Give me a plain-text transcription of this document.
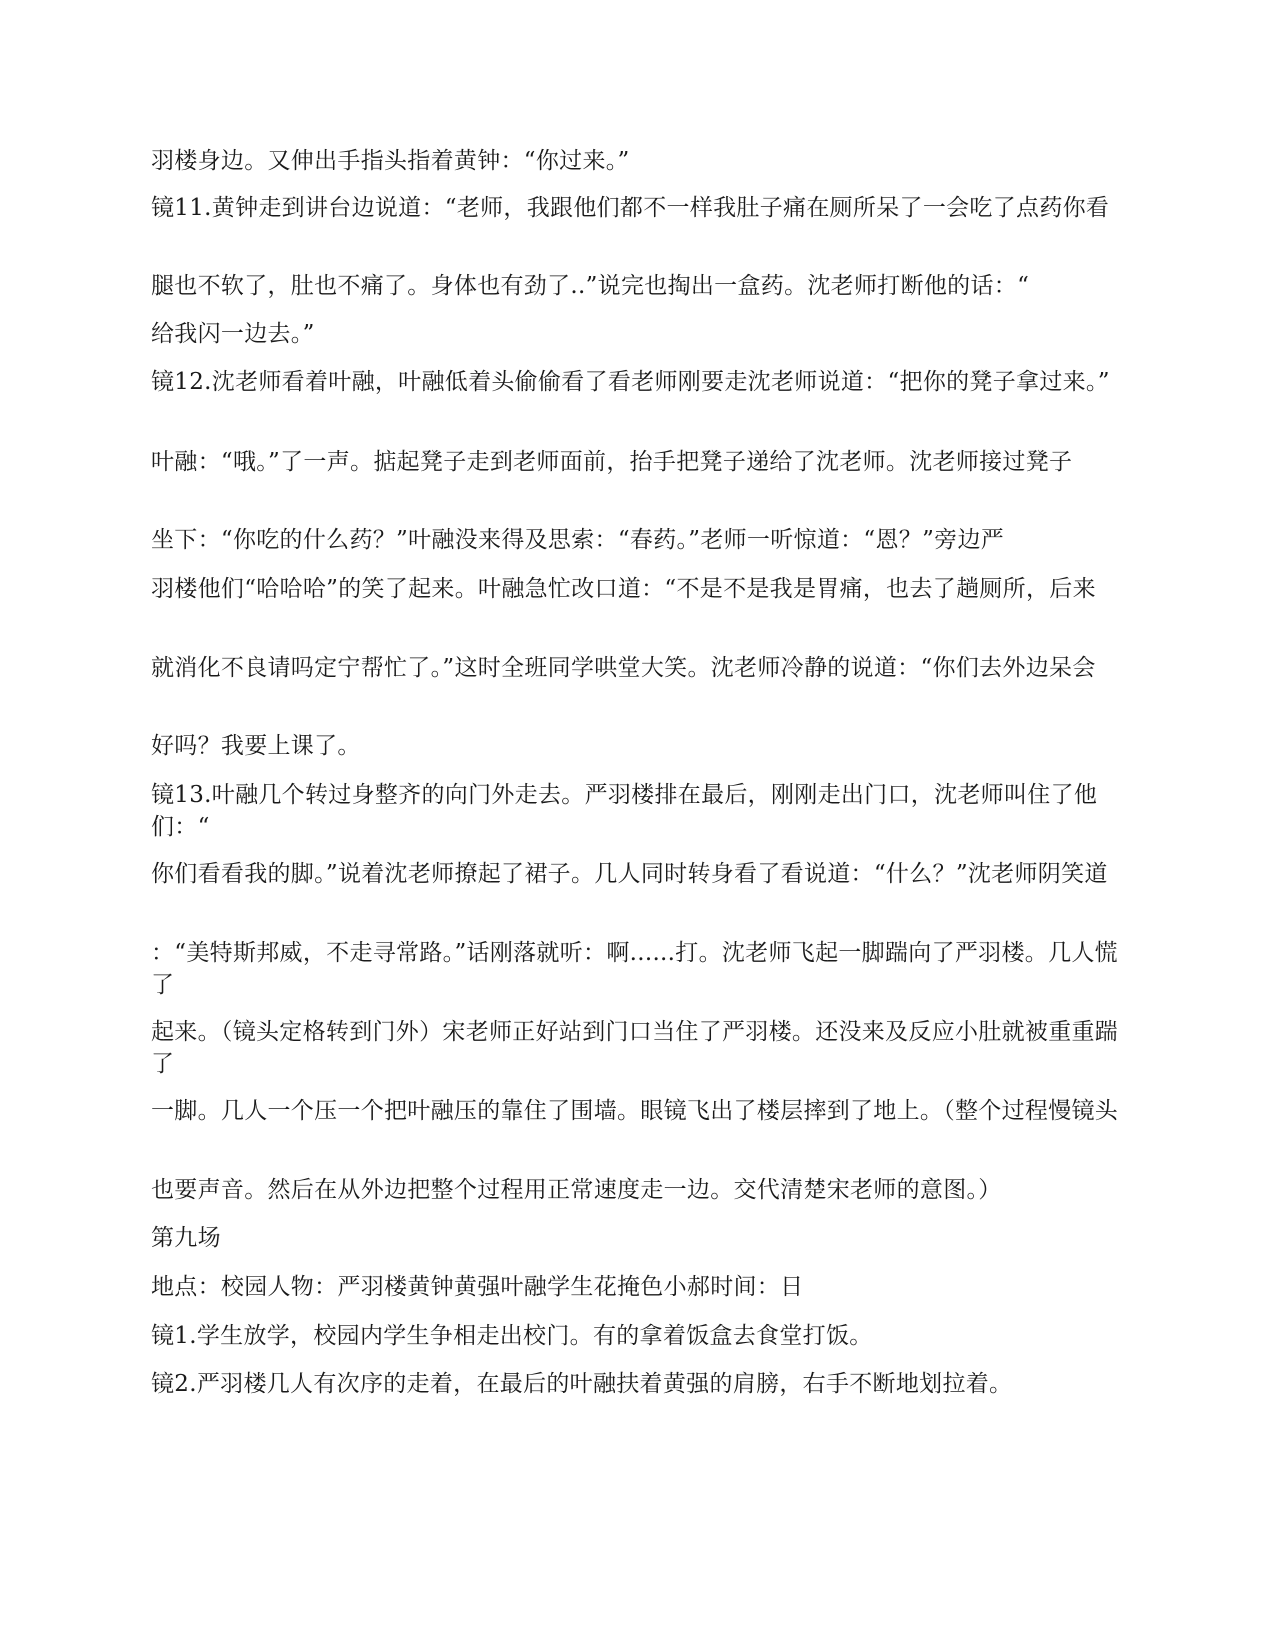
羽楼身边。又伸出手指头指着黄钟：“你过来。”
镜11.黄钟走到讲台边说道：“老师，我跟他们都不一样我肚子痛在厕所呆了一会吃了点药你看
腿也不软了，肚也不痛了。身体也有劲了..”说完也掏出一盒药。沈老师打断他的话：“
给我闪一边去。”
镜12.沈老师看着叶融，叶融低着头偷偷看了看老师刚要走沈老师说道：“把你的凳子拿过来。”
叶融：“哦。”了一声。掂起凳子走到老师面前，抬手把凳子递给了沈老师。沈老师接过凳子
坐下：“你吃的什么药？”叶融没来得及思索：“春药。”老师一听惊道：“恩？”旁边严
羽楼他们“哈哈哈”的笑了起来。叶融急忙改口道：“不是不是我是胃痛，也去了趟厕所，后来
就消化不良请吗定宁帮忙了。”这时全班同学哄堂大笑。沈老师冷静的说道：“你们去外边呆会
好吗？我要上课了。
镜13.叶融几个转过身整齐的向门外走去。严羽楼排在最后，刚刚走出门口，沈老师叫住了他们：“
你们看看我的脚。”说着沈老师撩起了裙子。几人同时转身看了看说道：“什么？”沈老师阴笑道
：“美特斯邦威，不走寻常路。”话刚落就听：啊......打。沈老师飞起一脚踹向了严羽楼。几人慌了
起来。（镜头定格转到门外）宋老师正好站到门口当住了严羽楼。还没来及反应小肚就被重重踹了
一脚。几人一个压一个把叶融压的靠住了围墙。眼镜飞出了楼层摔到了地上。（整个过程慢镜头
也要声音。然后在从外边把整个过程用正常速度走一边。交代清楚宋老师的意图。）
第九场
地点：校园人物：严羽楼黄钟黄强叶融学生花掩色小郝时间：日
镜1.学生放学，校园内学生争相走出校门。有的拿着饭盒去食堂打饭。
镜2.严羽楼几人有次序的走着，在最后的叶融扶着黄强的肩膀，右手不断地划拉着。
